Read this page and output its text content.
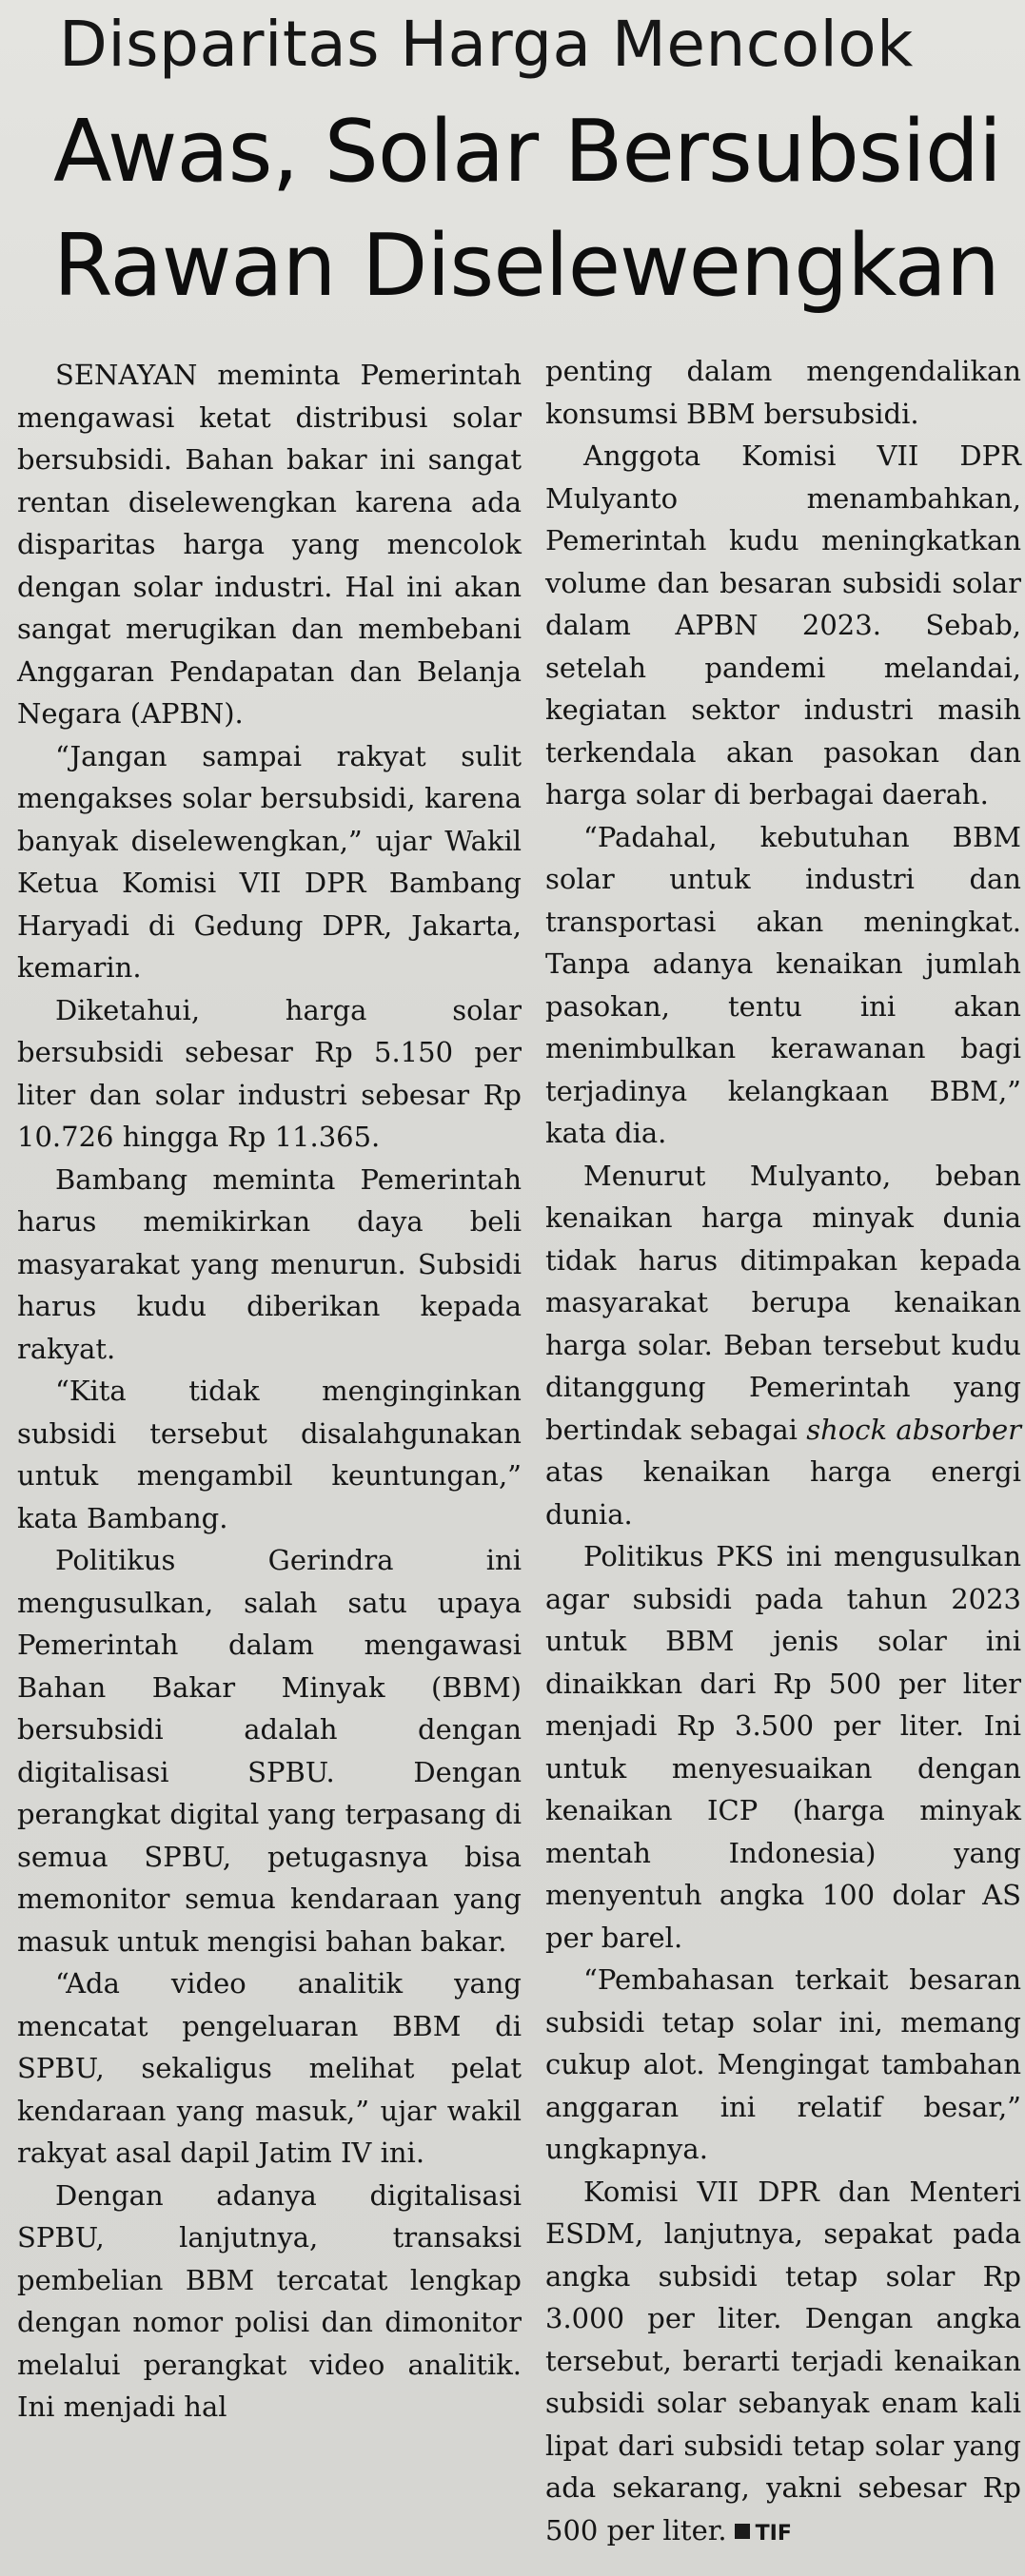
Disparitas Harga Mencolok
Awas, Solar Bersubsidi
Rawan Diselewengkan

SENAYAN meminta Pemerintah mengawasi ketat distribusi solar bersubsidi. Bahan bakar ini sangat rentan diselewengkan karena ada disparitas harga yang mencolok dengan solar industri. Hal ini akan sangat merugikan dan membebani Anggaran Pendapatan dan Belanja Negara (APBN).

“Jangan sampai rakyat sulit mengakses solar bersubsidi, karena banyak diselewengkan,” ujar Wakil Ketua Komisi VII DPR Bambang Haryadi di Gedung DPR, Jakarta, kemarin.

Diketahui, harga solar bersubsidi sebesar Rp 5.150 per liter dan solar industri sebesar Rp 10.726 hingga Rp 11.365.

Bambang meminta Pemerintah harus memikirkan daya beli masyarakat yang menurun. Subsidi harus kudu diberikan kepada rakyat.

“Kita tidak menginginkan subsidi tersebut disalahgunakan untuk mengambil keuntungan,” kata Bambang.

Politikus Gerindra ini mengusulkan, salah satu upaya Pemerintah dalam mengawasi Bahan Bakar Minyak (BBM) bersubsidi adalah dengan digitalisasi SPBU. Dengan perangkat digital yang terpasang di semua SPBU, petugasnya bisa memonitor semua kendaraan yang masuk untuk mengisi bahan bakar.

“Ada video analitik yang mencatat pengeluaran BBM di SPBU, sekaligus melihat pelat kendaraan yang masuk,” ujar wakil rakyat asal dapil Jatim IV ini.

Dengan adanya digitalisasi SPBU, lanjutnya, transaksi pembelian BBM tercatat lengkap dengan nomor polisi dan dimonitor melalui perangkat video analitik. Ini menjadi hal

penting dalam mengendalikan konsumsi BBM bersubsidi.

Anggota Komisi VII DPR Mulyanto menambahkan, Pemerintah kudu meningkatkan volume dan besaran subsidi solar dalam APBN 2023. Sebab, setelah pandemi melandai, kegiatan sektor industri masih terkendala akan pasokan dan harga solar di berbagai daerah.

“Padahal, kebutuhan BBM solar untuk industri dan transportasi akan meningkat. Tanpa adanya kenaikan jumlah pasokan, tentu ini akan menimbulkan kerawanan bagi terjadinya kelangkaan BBM,” kata dia.

Menurut Mulyanto, beban kenaikan harga minyak dunia tidak harus ditimpakan kepada masyarakat berupa kenaikan harga solar. Beban tersebut kudu ditanggung Pemerintah yang bertindak sebagai shock absorber atas kenaikan harga energi dunia.

Politikus PKS ini mengusulkan agar subsidi pada tahun 2023 untuk BBM jenis solar ini dinaikkan dari Rp 500 per liter menjadi Rp 3.500 per liter. Ini untuk menyesuaikan dengan kenaikan ICP (harga minyak mentah Indonesia) yang menyentuh angka 100 dolar AS per barel.

“Pembahasan terkait besaran subsidi tetap solar ini, memang cukup alot. Mengingat tambahan anggaran ini relatif besar,” ungkapnya.

Komisi VII DPR dan Menteri ESDM, lanjutnya, sepakat pada angka subsidi tetap solar Rp 3.000 per liter. Dengan angka tersebut, berarti terjadi kenaikan subsidi solar sebanyak enam kali lipat dari subsidi tetap solar yang ada sekarang, yakni sebesar Rp 500 per liter. TIF
